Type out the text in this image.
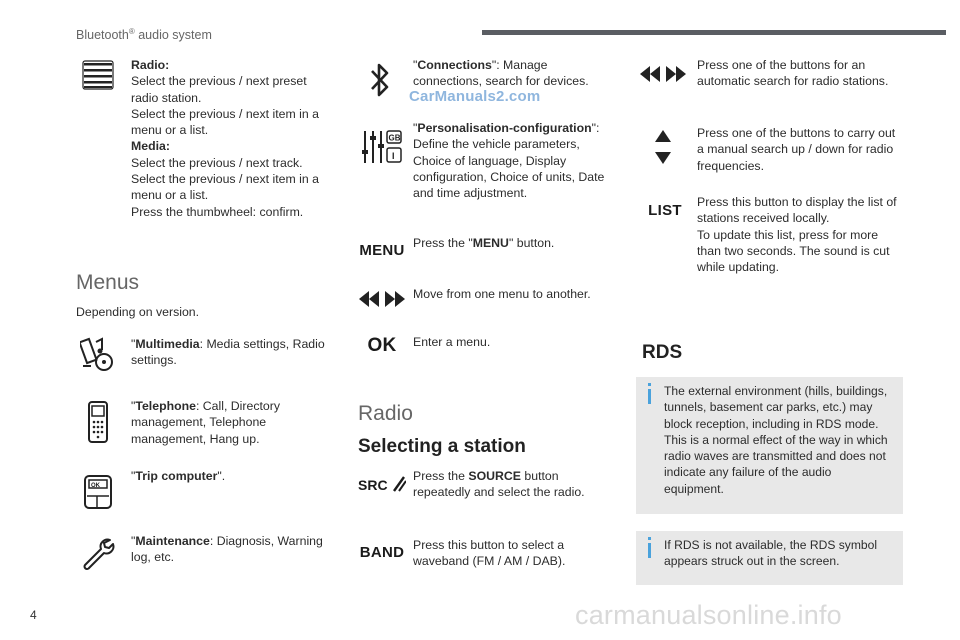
Bluetooth® audio system
Radio:
Select the previous / next preset radio station.
Select the previous / next item in a menu or a list.
Media:
Select the previous / next track.
Select the previous / next item in a menu or a list.
Press the thumbwheel: confirm.
Menus
Depending on version.
"Multimedia: Media settings, Radio settings.
"Telephone: Call, Directory management, Telephone management, Hang up.
OK
"Trip computer".
"Maintenance: Diagnosis, Warning log, etc.
"Connections": Manage connections, search for devices.
CarManuals2.com
GB
I
"Personalisation-configuration": Define the vehicle parameters, Choice of language, Display configuration, Choice of units, Date and time adjustment.
MENU Press the "MENU" button.
Move from one menu to another.
OK Enter a menu.
Radio
Selecting a station
SRC
Press the SOURCE button repeatedly and select the radio.
BAND Press this button to select a waveband (FM / AM / DAB).
Press one of the buttons for an automatic search for radio stations.
Press one of the buttons to carry out a manual search up / down for radio frequencies.
LIST Press this button to display the list of stations received locally.
To update this list, press for more than two seconds. The sound is cut while updating.
RDS
The external environment (hills, buildings, tunnels, basement car parks, etc.) may block reception, including in RDS mode. This is a normal effect of the way in which radio waves are transmitted and does not indicate any failure of the audio equipment.
If RDS is not available, the RDS symbol appears struck out in the screen.
4	carmanualsonline.info
